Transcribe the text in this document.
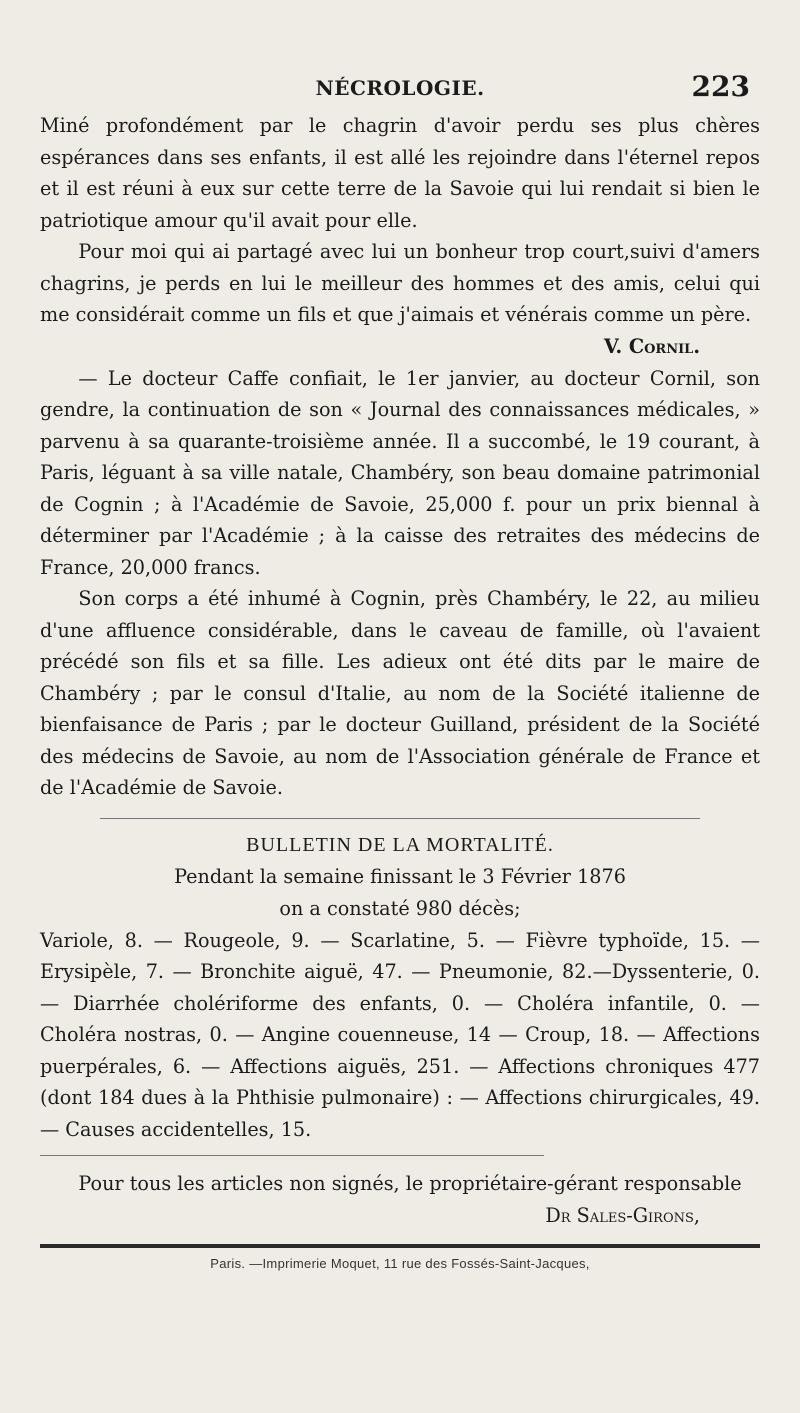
NÉCROLOGIE.	223

Miné profondément par le chagrin d'avoir perdu ses plus chères espérances dans ses enfants, il est allé les rejoindre dans l'éternel repos et il est réuni à eux sur cette terre de la Savoie qui lui rendait si bien le patriotique amour qu'il avait pour elle.

Pour moi qui ai partagé avec lui un bonheur trop court,suivi d'amers chagrins, je perds en lui le meilleur des hommes et des amis, celui qui me considérait comme un fils et que j'aimais et vénérais comme un père.

V. Cornil.

— Le docteur Caffe confiait, le 1er janvier, au docteur Cornil, son gendre, la continuation de son « Journal des connaissances médicales, » parvenu à sa quarante-troisième année. Il a succombé, le 19 courant, à Paris, léguant à sa ville natale, Chambéry, son beau domaine patrimonial de Cognin ; à l'Académie de Savoie, 25,000 f. pour un prix biennal à déterminer par l'Académie ; à la caisse des retraites des médecins de France, 20,000 francs.

Son corps a été inhumé à Cognin, près Chambéry, le 22, au milieu d'une affluence considérable, dans le caveau de famille, où l'avaient précédé son fils et sa fille. Les adieux ont été dits par le maire de Chambéry ; par le consul d'Italie, au nom de la Société italienne de bienfaisance de Paris ; par le docteur Guilland, président de la Société des médecins de Savoie, au nom de l'Association générale de France et de l'Académie de Savoie.

BULLETIN DE LA MORTALITÉ.
Pendant la semaine finissant le 3 Février 1876
on a constaté 980 décès;

Variole, 8. — Rougeole, 9. — Scarlatine, 5. — Fièvre typhoïde, 15. — Erysipèle, 7. — Bronchite aiguë, 47. — Pneumonie, 82.—Dyssenterie, 0. — Diarrhée cholériforme des enfants, 0. — Choléra infantile, 0. — Choléra nostras, 0. — Angine couenneuse, 14 — Croup, 18. — Affections puerpérales, 6. — Affections aiguës, 251. — Affections chroniques 477 (dont 184 dues à la Phthisie pulmonaire) : — Affections chirurgicales, 49. — Causes accidentelles, 15.

Pour tous les articles non signés, le propriétaire-gérant responsable

Dr Sales-Girons,
Paris. —Imprimerie Moquet, 11 rue des Fossés-Saint-Jacques,
